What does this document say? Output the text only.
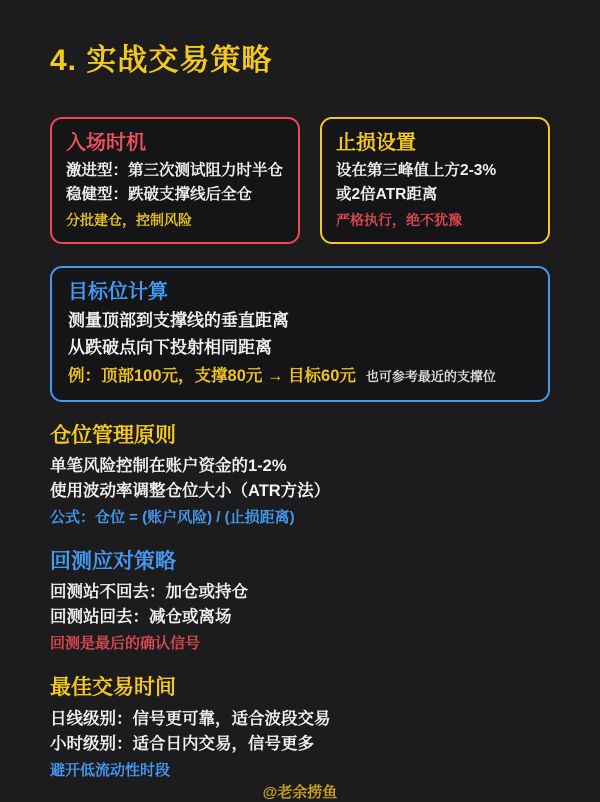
4. 实战交易策略
入场时机
激进型：第三次测试阻力时半仓
稳健型：跌破支撑线后全仓
分批建仓，控制风险
止损设置
设在第三峰值上方2-3%
或2倍ATR距离
严格执行，绝不犹豫
目标位计算
测量顶部到支撑线的垂直距离
从跌破点向下投射相同距离
例：顶部100元，支撑80元 → 目标60元 也可参考最近的支撑位
仓位管理原则
单笔风险控制在账户资金的1-2%
使用波动率调整仓位大小（ATR方法）
公式：仓位 = (账户风险) / (止损距离)
回测应对策略
回测站不回去：加仓或持仓
回测站回去：减仓或离场
回测是最后的确认信号
最佳交易时间
日线级别：信号更可靠，适合波段交易
小时级别：适合日内交易，信号更多
避开低流动性时段
@老余捞鱼
